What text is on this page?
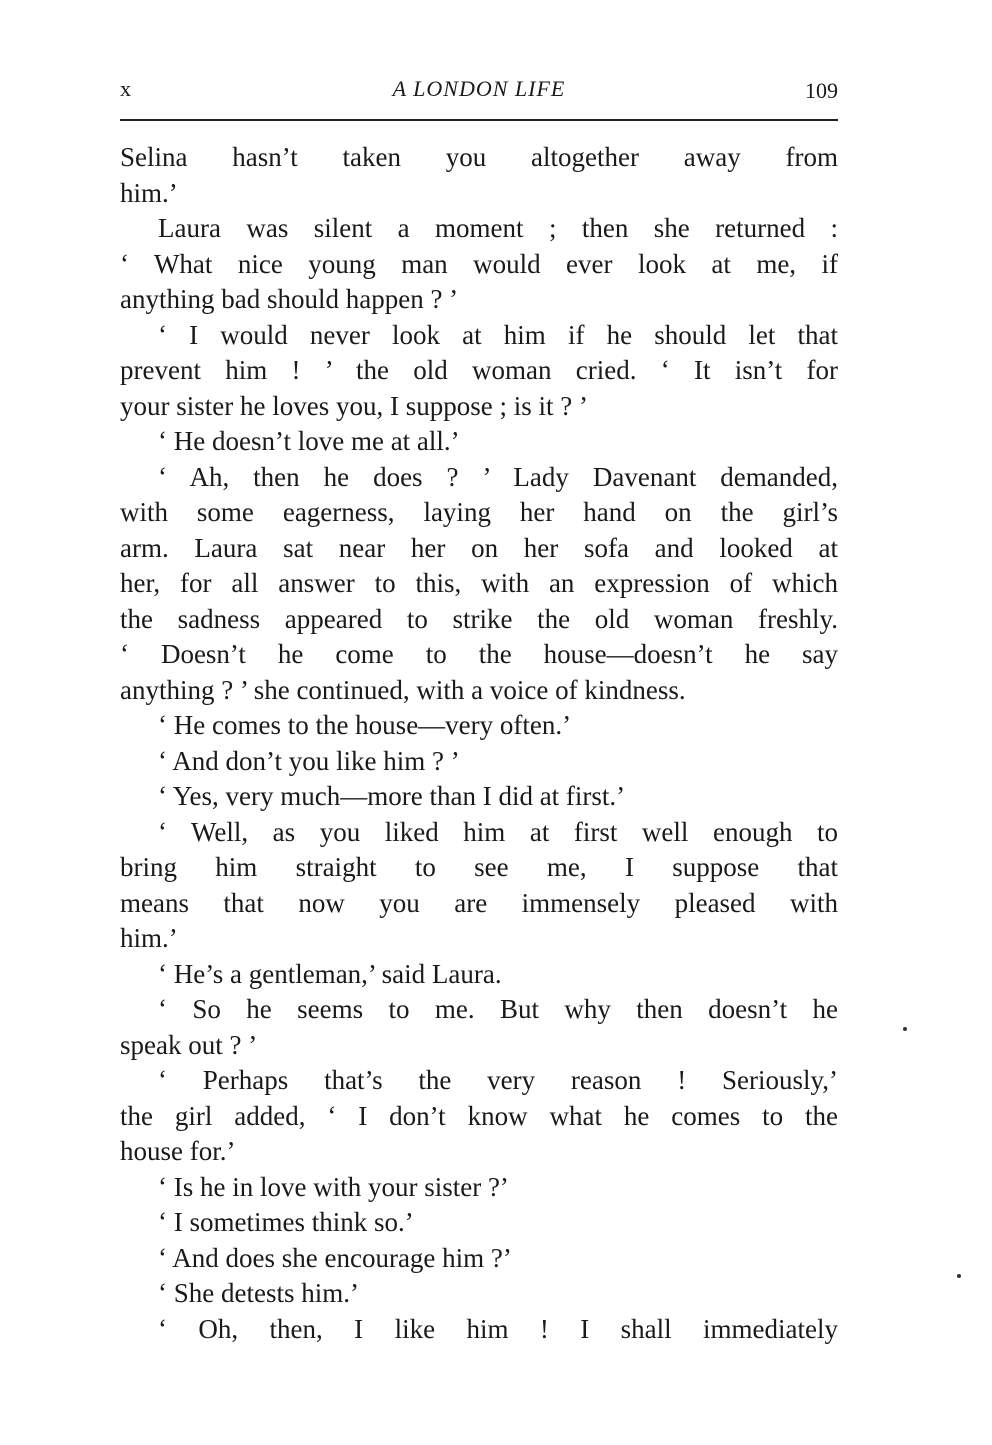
x	A LONDON LIFE	109
Selina hasn’t taken you altogether away from
him.’
Laura was silent a moment ; then she returned :
‘ What nice young man would ever look at me, if
anything bad should happen ? ’
‘ I would never look at him if he should let that
prevent him ! ’ the old woman cried. ‘ It isn’t for
your sister he loves you, I suppose ; is it ? ’
‘ He doesn’t love me at all.’
‘ Ah, then he does ? ’ Lady Davenant demanded,
with some eagerness, laying her hand on the girl’s
arm. Laura sat near her on her sofa and looked at
her, for all answer to this, with an expression of which
the sadness appeared to strike the old woman freshly.
‘ Doesn’t he come to the house—doesn’t he say
anything ? ’ she continued, with a voice of kindness.
‘ He comes to the house—very often.’
‘ And don’t you like him ? ’
‘ Yes, very much—more than I did at first.’
‘ Well, as you liked him at first well enough to
bring him straight to see me, I suppose that
means that now you are immensely pleased with
him.’
‘ He’s a gentleman,’ said Laura.
‘ So he seems to me. But why then doesn’t he
speak out ? ’
‘ Perhaps that’s the very reason ! Seriously,’
the girl added, ‘ I don’t know what he comes to the
house for.’
‘ Is he in love with your sister ?’
‘ I sometimes think so.’
‘ And does she encourage him ?’
‘ She detests him.’
‘ Oh, then, I like him ! I shall immediately
